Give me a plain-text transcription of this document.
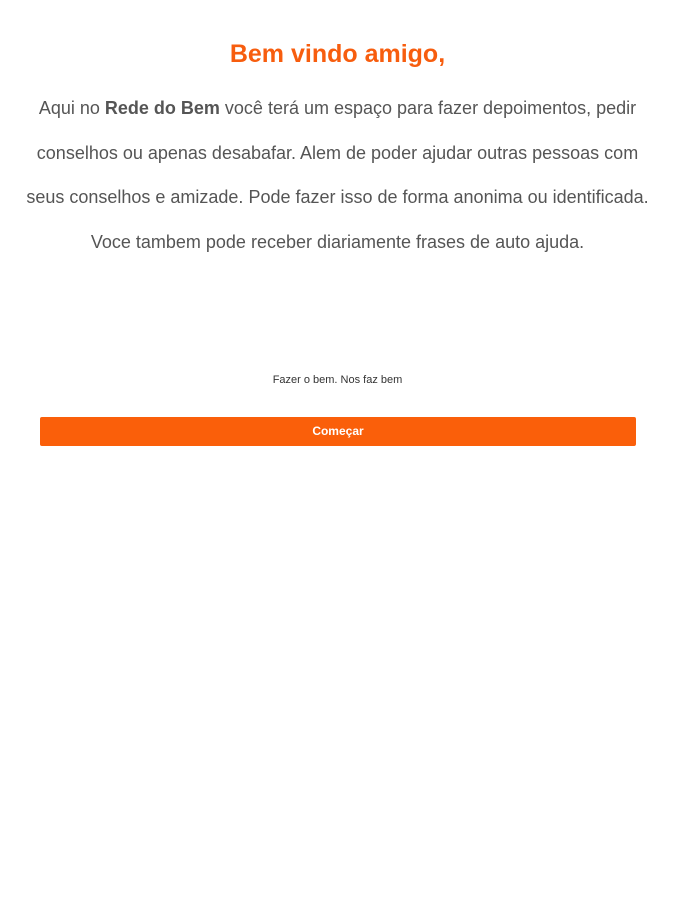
Bem vindo amigo,

Aqui no Rede do Bem você terá um espaço para fazer depoimentos, pedir conselhos ou apenas desabafar. Alem de poder ajudar outras pessoas com seus conselhos e amizade. Pode fazer isso de forma anonima ou identificada. Voce tambem pode receber diariamente frases de auto ajuda.

Fazer o bem. Nos faz bem

Começar
